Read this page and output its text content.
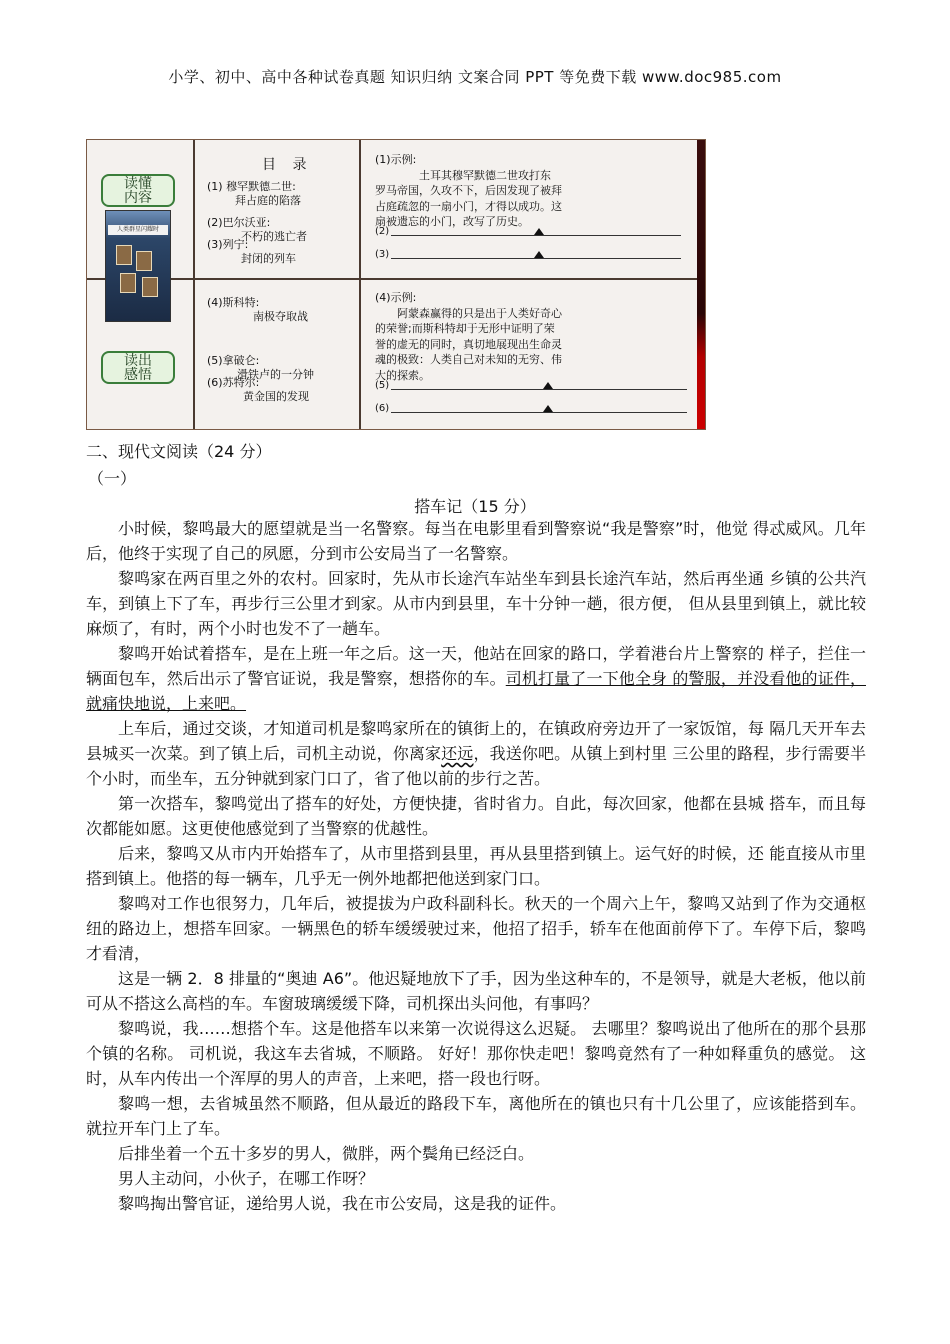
小学、初中、高中各种试卷真题 知识归纳 文案合同 PPT 等免费下载 www.doc985.com
读懂
内容
人类群星闪耀时
读出
感悟
目 录
(1) 穆罕默德二世:
拜占庭的陷落
(2)巴尔沃亚:
不朽的逃亡者
(3)列宁:
封闭的列车
(4)斯科特:
南极夺取战
(5)拿破仑:
滑铁卢的一分钟
(6)苏特尔:
黄金国的发现
(1)示例:
土耳其穆罕默德二世攻打东
罗马帝国，久攻不下，后因发现了被拜
占庭疏忽的一扇小门，才得以成功。这
扇被遗忘的小门，改写了历史。
(2)
(3)
(4)示例:
阿蒙森赢得的只是出于人类好奇心
的荣誉;而斯科特却于无形中证明了荣
誉的虚无的同时，真切地展现出生命灵
魂的极致：人类自己对未知的无穷、伟
大的探索。
(5)
(6)
二、现代文阅读（24 分）
（一）
搭车记（15 分）

小时候，黎鸣最大的愿望就是当一名警察。每当在电影里看到警察说“我是警察”时，他觉 得忒威风。几年后，他终于实现了自己的夙愿，分到市公安局当了一名警察。

黎鸣家在两百里之外的农村。回家时，先从市长途汽车站坐车到县长途汽车站，然后再坐通 乡镇的公共汽车，到镇上下了车，再步行三公里才到家。从市内到县里，车十分钟一趟，很方便， 但从县里到镇上，就比较麻烦了，有时，两个小时也发不了一趟车。

黎鸣开始试着搭车，是在上班一年之后。这一天，他站在回家的路口，学着港台片上警察的 样子，拦住一辆面包车，然后出示了警官证说，我是警察，想搭你的车。司机打量了一下他全身 的警服，并没看他的证件，就痛快地说，上来吧。

上车后，通过交谈，才知道司机是黎鸣家所在的镇街上的，在镇政府旁边开了一家饭馆，每 隔几天开车去县城买一次菜。到了镇上后，司机主动说，你离家还远，我送你吧。从镇上到村里 三公里的路程，步行需要半个小时，而坐车，五分钟就到家门口了，省了他以前的步行之苦。

第一次搭车，黎鸣觉出了搭车的好处，方便快捷，省时省力。自此，每次回家，他都在县城 搭车，而且每次都能如愿。这更使他感觉到了当警察的优越性。

后来，黎鸣又从市内开始搭车了，从市里搭到县里，再从县里搭到镇上。运气好的时候，还 能直接从市里搭到镇上。他搭的每一辆车，几乎无一例外地都把他送到家门口。

黎鸣对工作也很努力，几年后，被提拔为户政科副科长。秋天的一个周六上午，黎鸣又站到了作为交通枢纽的路边上，想搭车回家。一辆黑色的轿车缓缓驶过来，他招了招手，轿车在他面前停下了。车停下后，黎鸣才看清，

这是一辆 2．8 排量的“奥迪 A6”。他迟疑地放下了手，因为坐这种车的，不是领导，就是大老板，他以前可从不搭这么高档的车。车窗玻璃缓缓下降，司机探出头问他，有事吗？

黎鸣说，我……想搭个车。这是他搭车以来第一次说得这么迟疑。 去哪里？黎鸣说出了他所在的那个县那个镇的名称。 司机说，我这车去省城，不顺路。 好好！那你快走吧！黎鸣竟然有了一种如释重负的感觉。 这时，从车内传出一个浑厚的男人的声音，上来吧，搭一段也行呀。

黎鸣一想，去省城虽然不顺路，但从最近的路段下车，离他所在的镇也只有十几公里了，应该能搭到车。就拉开车门上了车。

后排坐着一个五十多岁的男人，微胖，两个鬓角已经泛白。

男人主动问，小伙子，在哪工作呀？

黎鸣掏出警官证，递给男人说，我在市公安局，这是我的证件。
